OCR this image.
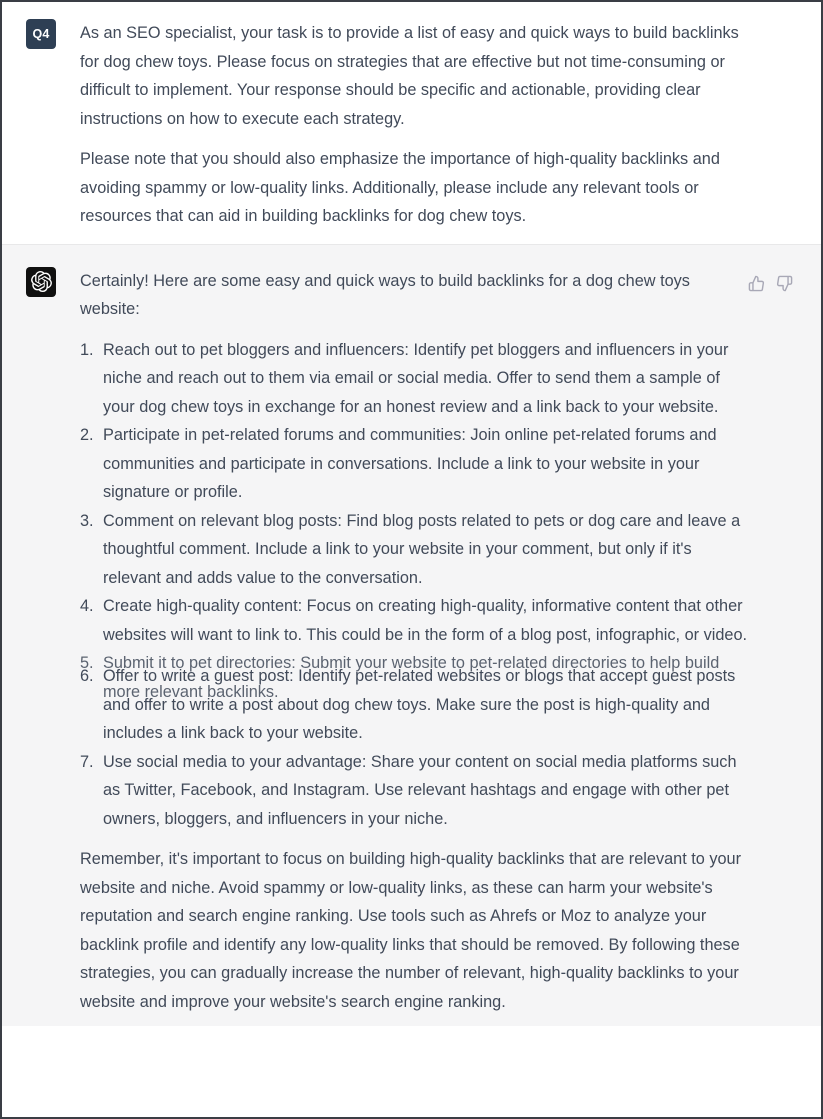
Q4	As an SEO specialist, your task is to provide a list of easy and quick ways to build backlinks for dog chew toys. Please focus on strategies that are effective but not time-consuming or difficult to implement. Your response should be specific and actionable, providing clear instructions on how to execute each strategy.

Please note that you should also emphasize the importance of high-quality backlinks and avoiding spammy or low-quality links. Additionally, please include any relevant tools or resources that can aid in building backlinks for dog chew toys.

Certainly! Here are some easy and quick ways to build backlinks for a dog chew toys website:

1. Reach out to pet bloggers and influencers: Identify pet bloggers and influencers in your niche and reach out to them via email or social media. Offer to send them a sample of your dog chew toys in exchange for an honest review and a link back to your website.
2. Participate in pet-related forums and communities: Join online pet-related forums and communities and participate in conversations. Include a link to your website in your signature or profile.
3. Comment on relevant blog posts: Find blog posts related to pets or dog care and leave a thoughtful comment. Include a link to your website in your comment, but only if it's relevant and adds value to the conversation.
4. Create high-quality content: Focus on creating high-quality, informative content that other websites will want to link to. This could be in the form of a blog post, infographic, or video.
5. Submit it to pet directories: Submit your website to pet-related directories to help build more relevant backlinks.
6. Offer to write a guest post: Identify pet-related websites or blogs that accept guest posts and offer to write a post about dog chew toys. Make sure the post is high-quality and includes a link back to your website.
7. Use social media to your advantage: Share your content on social media platforms such as Twitter, Facebook, and Instagram. Use relevant hashtags and engage with other pet owners, bloggers, and influencers in your niche.

Remember, it's important to focus on building high-quality backlinks that are relevant to your website and niche. Avoid spammy or low-quality links, as these can harm your website's reputation and search engine ranking. Use tools such as Ahrefs or Moz to analyze your backlink profile and identify any low-quality links that should be removed. By following these strategies, you can gradually increase the number of relevant, high-quality backlinks to your website and improve your website's search engine ranking.
